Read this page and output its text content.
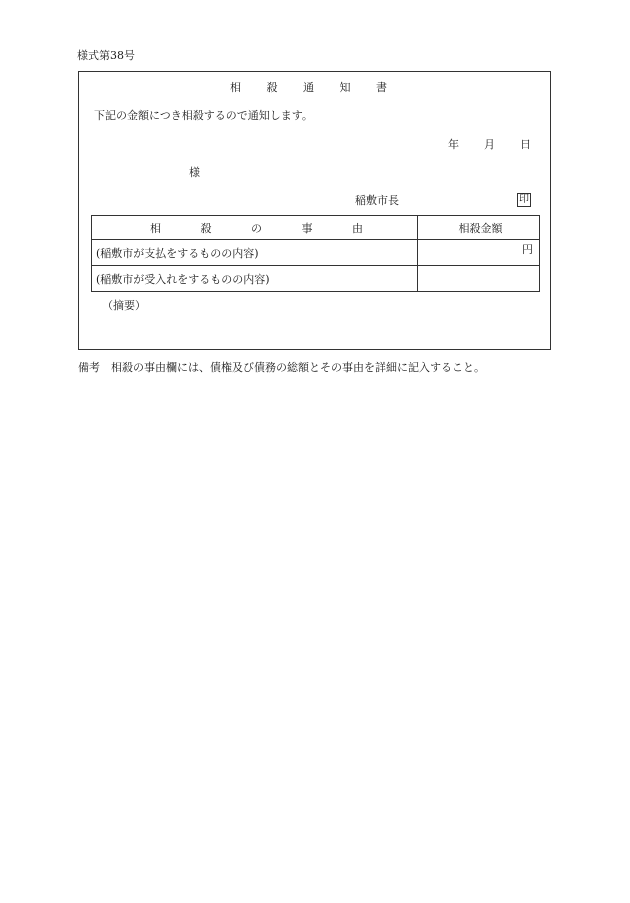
様式第38号
相 殺 通 知 書
下記の金額につき相殺するので通知します。
年 月 日
様
稲敷市長	印
相 殺 の 事 由	相殺金額
(稲敷市が支払をするものの内容)	円

(稲敷市が受入れをするものの内容)	
（摘要）
備考　相殺の事由欄には、債権及び債務の総額とその事由を詳細に記入すること。
